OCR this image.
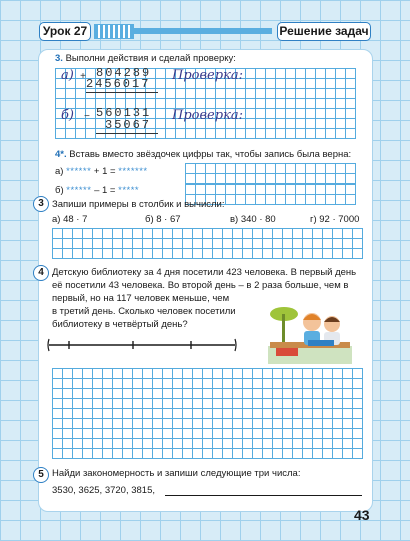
Урок 27	Решение задач
3. Выполни действия и сделай проверку:
а) + 804289
2456017
Проверка:
б) − 560131
35067
Проверка:
4*. Вставь вместо звёздочек цифры так, чтобы запись была верна:
а) ****** + 1 = *******
б) ****** – 1 = *****
3 Запиши примеры в столбик и вычисли:
а) 48 · 7	б) 8 · 67	в) 340 · 80	г) 92 · 7000
4 Детскую библиотеку за 4 дня посетили 423 человека. В первый день
её посетили 43 человека. Во второй день – в 2 раза больше, чем в
первый, но на 117 человек меньше, чем
в третий день. Сколько человек посетили
библиотеку в четвёртый день?
5 Найди закономерность и запиши следующие три числа:
3530, 3625, 3720, 3815,
43
